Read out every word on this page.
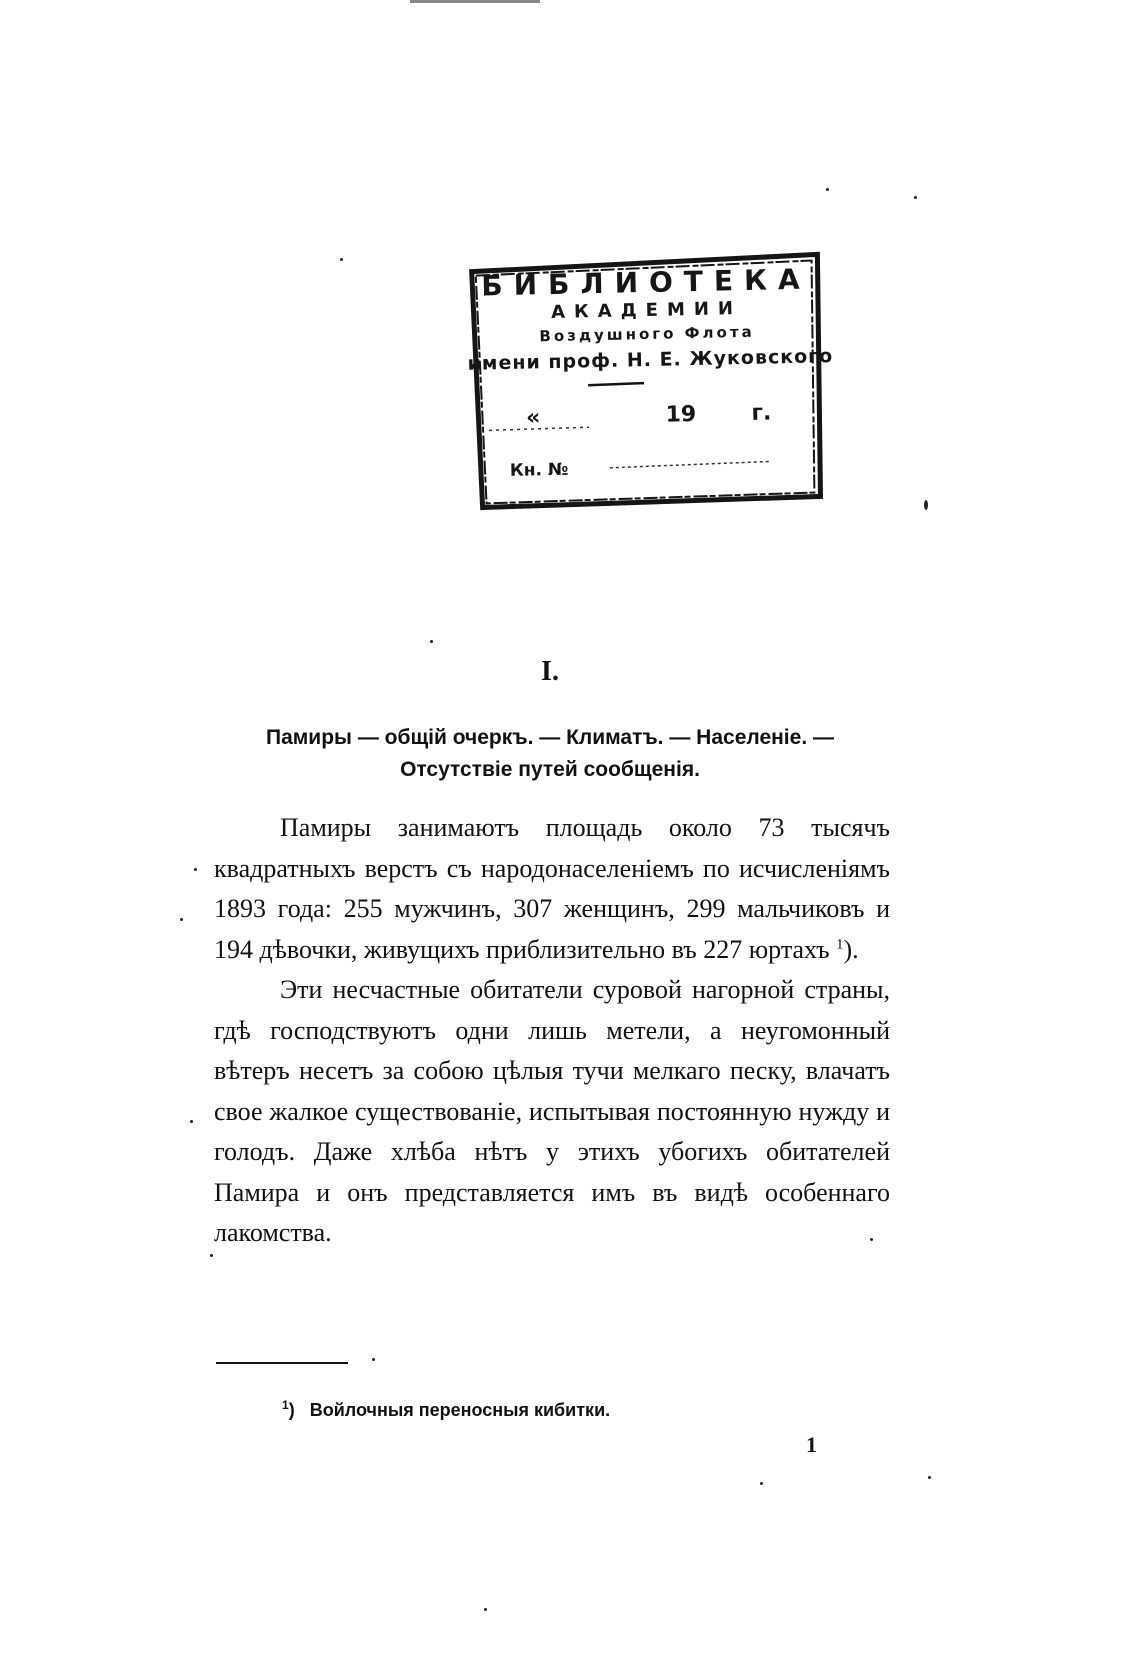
БИБЛИОТЕКА
АКАДЕМИИ
Воздушного Флота
имени проф. Н. Е. Жуковского
«	19 г.
Кн. №
I.
Памиры — общiй очеркъ. — Климатъ. — Населенiе. —
Отсутствiе путей сообщенiя.

Памиры занимаютъ площадь около 73 тысячъ квадратныхъ верстъ съ народонаселенiемъ по исчисленiямъ 1893 года: 255 мужчинъ, 307 женщинъ, 299 мальчиковъ и 194 дѣвочки, живущихъ приблизительно въ 227 юртахъ $^1$).

Эти несчастные обитатели суровой нагорной страны, гдѣ господствуютъ одни лишь метели, а неугомонный вѣтеръ несетъ за собою цѣлыя тучи мелкаго песку, влачатъ свое жалкое существованiе, испытывая постоянную нужду и голодъ. Даже хлѣба нѣтъ у этихъ убогихъ обитателей Памира и онъ представляется имъ въ видѣ особеннаго лакомства.

$^1$) Войлочныя переносныя кибитки.
1
